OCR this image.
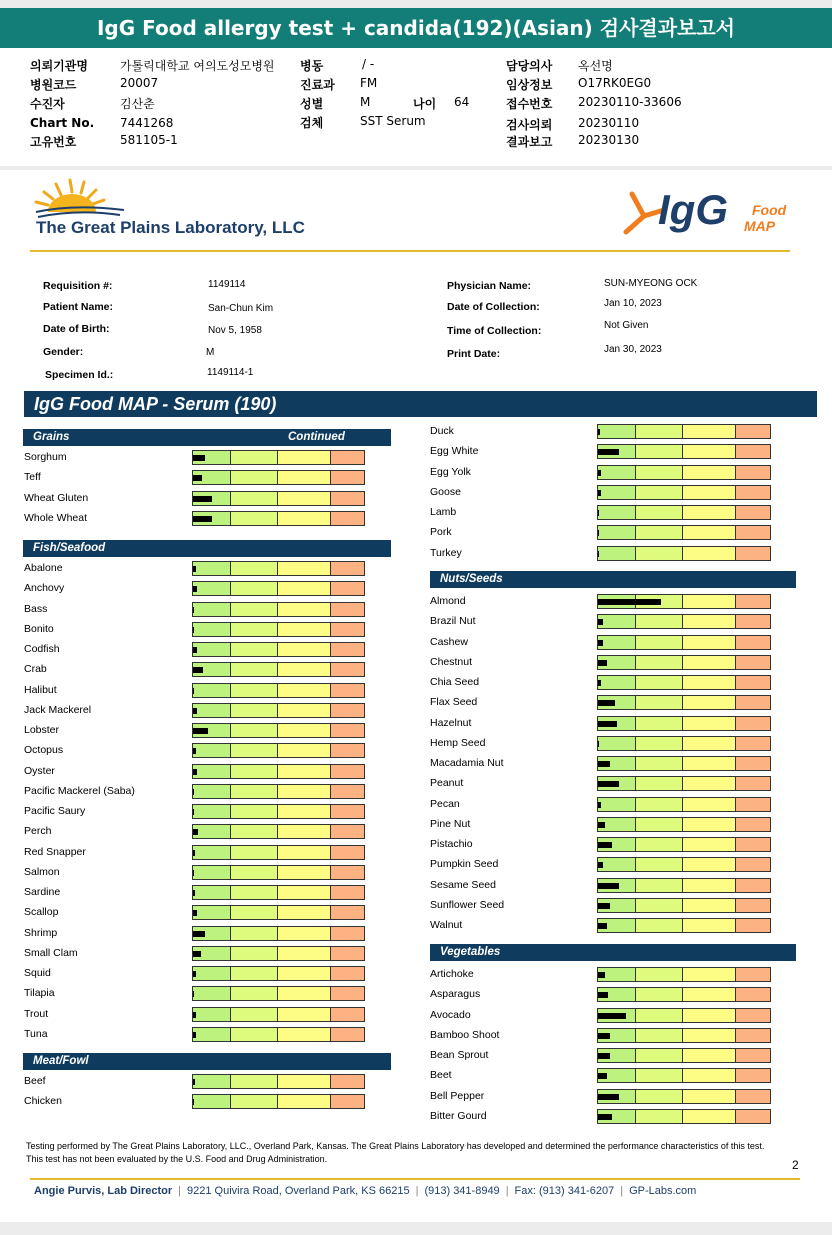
IgG Food allergy test + candida(192)(Asian) 검사결과보고서
의뢰기관명	가톨릭대학교 여의도성모병원
병원코드	20007
수진자	김산춘
Chart No. 7441268
고유번호	581105-1
병동	/ -
진료과 FM
성별	M	나이 64
검체	SST Serum
담당의사 옥선명
임상정보 O17RK0EG0
접수번호 20230110-33606
검사의뢰 20230110
결과보고 20230130
The Great Plains Laboratory, LLC	IgG Food
MAP
Requisition #:	1149114
Patient Name:	San-Chun Kim
Date of Birth:	Nov 5, 1958
Gender:	M
Specimen Id.:	1149114-1
Physician Name:	SUN-MYEONG OCK
Date of Collection:	Jan 10, 2023
Time of Collection:	Not Given
Print Date:	Jan 30, 2023
IgG Food MAP - Serum (190)
Grains	Continued
Sorghum
Teff
Wheat Gluten
Whole Wheat
Fish/Seafood
Abalone
Anchovy
Bass
Bonito
Codfish
Crab
Halibut
Jack Mackerel
Lobster
Octopus
Oyster
Pacific Mackerel (Saba)
Pacific Saury
Perch
Red Snapper
Salmon
Sardine
Scallop
Shrimp
Small Clam
Squid
Tilapia
Trout
Tuna
Meat/Fowl
Beef
Chicken
Duck
Egg White
Egg Yolk
Goose
Lamb
Pork
Turkey
Nuts/Seeds
Almond
Brazil Nut
Cashew
Chestnut
Chia Seed
Flax Seed
Hazelnut
Hemp Seed
Macadamia Nut
Peanut
Pecan
Pine Nut
Pistachio
Pumpkin Seed
Sesame Seed
Sunflower Seed
Walnut
Vegetables
Artichoke
Asparagus
Avocado
Bamboo Shoot
Bean Sprout
Beet
Bell Pepper
Bitter Gourd
Testing performed by The Great Plains Laboratory, LLC., Overland Park, Kansas. The Great Plains Laboratory has developed and determined the performance characteristics of this test. This test has not been evaluated by the U.S. Food and Drug Administration.	2
Angie Purvis, Lab Director | 9221 Quivira Road, Overland Park, KS 66215 | (913) 341-8949 | Fax: (913) 341-6207 | GP-Labs.com
